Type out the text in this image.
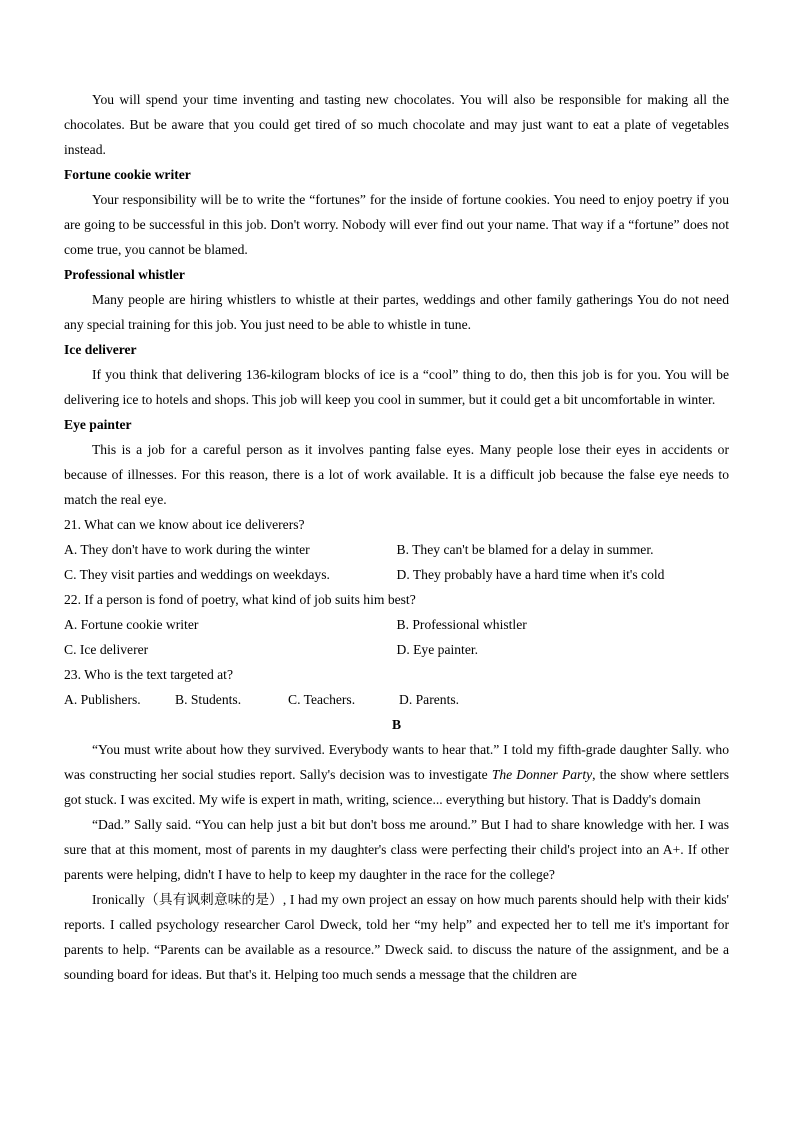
You will spend your time inventing and tasting new chocolates. You will also be responsible for making all the chocolates. But be aware that you could get tired of so much chocolate and may just want to eat a plate of vegetables instead.

Fortune cookie writer

Your responsibility will be to write the “fortunes” for the inside of fortune cookies. You need to enjoy poetry if you are going to be successful in this job. Don't worry. Nobody will ever find out your name. That way if a “fortune” does not come true, you cannot be blamed.

Professional whistler

Many people are hiring whistlers to whistle at their partes, weddings and other family gatherings You do not need any special training for this job. You just need to be able to whistle in tune.

Ice deliverer

If you think that delivering 136-kilogram blocks of ice is a “cool” thing to do, then this job is for you. You will be delivering ice to hotels and shops. This job will keep you cool in summer, but it could get a bit uncomfortable in winter.

Eye painter

This is a job for a careful person as it involves panting false eyes. Many people lose their eyes in accidents or because of illnesses. For this reason, there is a lot of work available. It is a difficult job because the false eye needs to match the real eye.

21. What can we know about ice deliverers?

A. They don't have to work during the winter	B. They can't be blamed for a delay in summer.
C. They visit parties and weddings on weekdays.	D. They probably have a hard time when it's cold

22. If a person is fond of poetry, what kind of job suits him best?

A. Fortune cookie writer	B. Professional whistler
C. Ice deliverer	D. Eye painter.

23. Who is the text targeted at?

A. Publishers.	B. Students.	C. Teachers.	D. Parents.

B

“You must write about how they survived. Everybody wants to hear that.” I told my fifth-grade daughter Sally. who was constructing her social studies report. Sally's decision was to investigate The Donner Party, the show where settlers got stuck. I was excited. My wife is expert in math, writing, science... everything but history. That is Daddy's domain

“Dad.” Sally said. “You can help just a bit but don't boss me around.” But I had to share knowledge with her. I was sure that at this moment, most of parents in my daughter's class were perfecting their child's project into an A+. If other parents were helping, didn't I have to help to keep my daughter in the race for the college?

Ironically（具有讽刺意味的是）, I had my own project an essay on how much parents should help with their kids' reports. I called psychology researcher Carol Dweck, told her “my help” and expected her to tell me it's important for parents to help. “Parents can be available as a resource.” Dweck said. to discuss the nature of the assignment, and be a sounding board for ideas. But that's it. Helping too much sends a message that the children are
